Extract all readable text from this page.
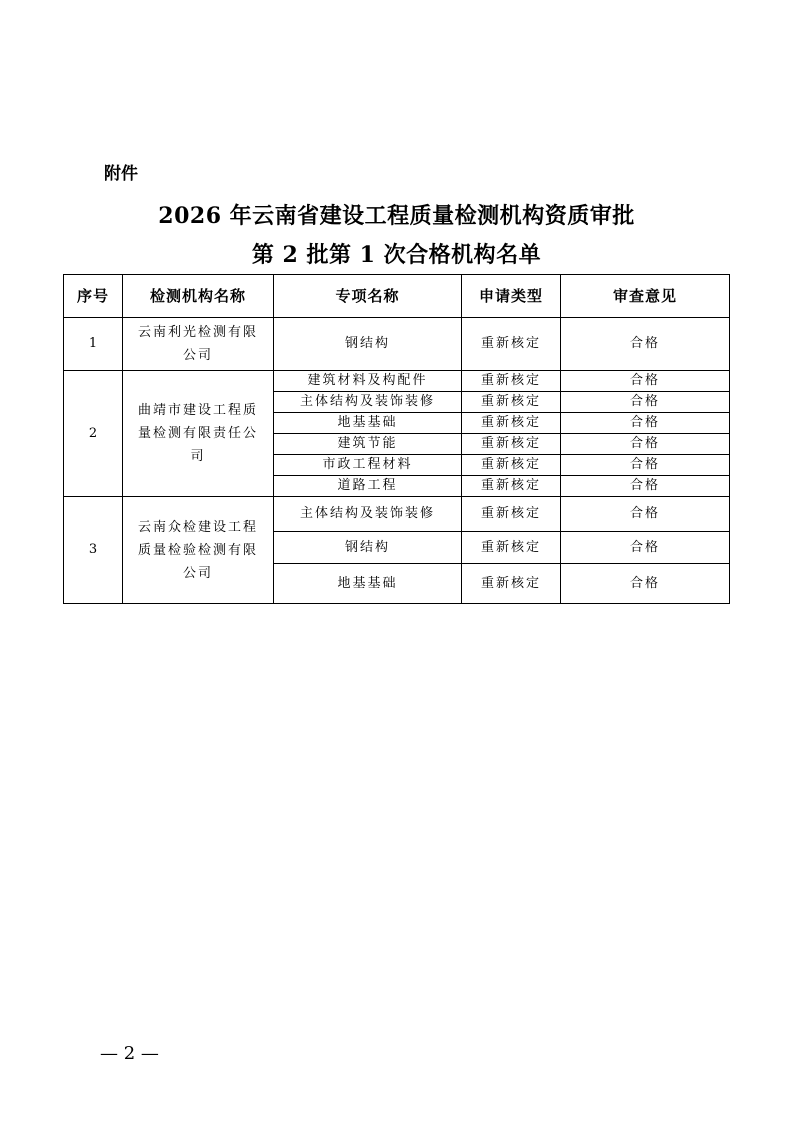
附件
2026 年云南省建设工程质量检测机构资质审批
第 2 批第 1 次合格机构名单
序号	检测机构名称	专项名称	申请类型	审查意见
1	云南利光检测有限公司	钢结构	重新核定	合格
2	曲靖市建设工程质量检测有限责任公司	建筑材料及构配件	重新核定	合格
		主体结构及装饰装修	重新核定	合格
		地基基础	重新核定	合格
		建筑节能	重新核定	合格
		市政工程材料	重新核定	合格
		道路工程	重新核定	合格
3	云南众检建设工程质量检验检测有限公司	主体结构及装饰装修	重新核定	合格
		钢结构	重新核定	合格
		地基基础	重新核定	合格
— 2 —
